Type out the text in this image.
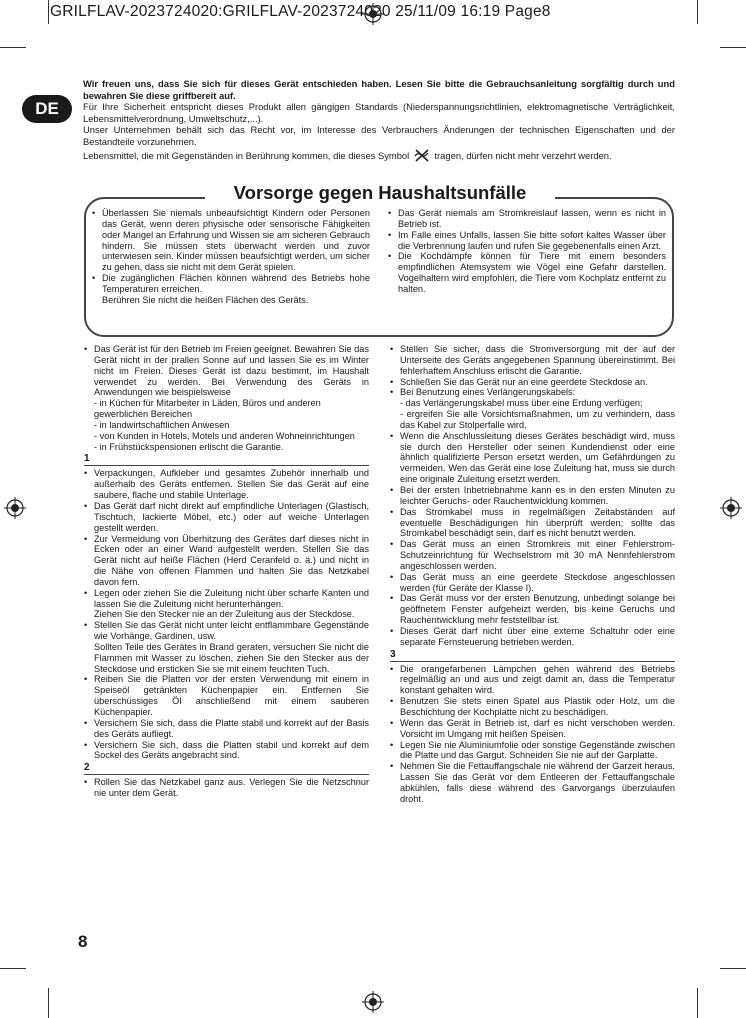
GRILFLAV-2023724020:GRILFLAV-2023724020 25/11/09 16:19 Page8
DE

Wir freuen uns, dass Sie sich für dieses Gerät entschieden haben. Lesen Sie bitte die Gebrauchsanleitung sorgfältig durch und bewahren Sie diese griffbereit auf.

Für Ihre Sicherheit entspricht dieses Produkt allen gängigen Standards (Niederspannungsrichtlinien, elektromagnetische Verträglichkeit, Lebensmittelverordnung, Umweltschutz,...).

Unser Unternehmen behält sich das Recht vor, im Interesse des Verbrauchers Änderungen der technischen Eigenschaften und der Bestandteile vorzunehmen.

Lebensmittel, die mit Gegenständen in Berührung kommen, die dieses Symbol	tragen, dürfen nicht mehr verzehrt werden.

Vorsorge gegen Haushaltsunfälle
• Überlassen Sie niemals unbeaufsichtigt Kindern oder Personen das Gerät, wenn deren physische oder sensorische Fähigkeiten oder Mangel an Erfahrung und Wissen sie am sicheren Gebrauch hindern. Sie müssen stets überwacht werden und zuvor unterwiesen sein. Kinder müssen beaufsichtigt werden, um sicher zu gehen, dass sie nicht mit dem Gerät spielen.
• Die zugänglichen Flächen können während des Betriebs hohe Temperaturen erreichen.
Berühren Sie nicht die heißen Flächen des Geräts.
• Das Gerät niemals am Stromkreislauf lassen, wenn es nicht in Betrieb ist.
• Im Falle eines Unfalls, lassen Sie bitte sofort kaltes Wasser über die Verbrennung laufen und rufen Sie gegebenenfalls einen Arzt.
• Die Kochdämpfe können für Tiere mit einem besonders empfindlichen Atemsystem wie Vögel eine Gefahr darstellen. Vogelhaltern wird empfohlen, die Tiere vom Kochplatz entfernt zu halten.
• Das Gerät ist für den Betrieb im Freien geeignet. Bewahren Sie das Gerät nicht in der prallen Sonne auf und lassen Sie es im Winter nicht im Freien. Dieses Gerät ist dazu bestimmt, im Haushalt verwendet zu werden. Bei Verwendung des Geräts in Anwendungen wie beispielsweise
- in Küchen für Mitarbeiter in Läden, Büros und anderen gewerblichen Bereichen
- in landwirtschaftlichen Anwesen
- von Kunden in Hotels, Motels und anderen Wohneinrichtungen
- in Frühstückspensionen erlischt die Garantie.
1
• Verpackungen, Aufkleber und gesamtes Zubehör innerhalb und außerhalb des Geräts entfernen. Stellen Sie das Gerät auf eine saubere, flache und stabile Unterlage.
• Das Gerät darf nicht direkt auf empfindliche Unterlagen (Glastisch, Tischtuch, lackierte Möbel, etc.) oder auf weiche Unterlagen gestellt werden.
• Zur Vermeidung von Überhitzung des Gerätes darf dieses nicht in Ecken oder an einer Wand aufgestellt werden. Stellen Sie das Gerät nicht auf heiße Flächen (Herd Ceranfeld o. ä.) und nicht in die Nähe von offenen Flammen und halten Sie das Netzkabel davon fern.
• Legen oder ziehen Sie die Zuleitung nicht über scharfe Kanten und lassen Sie die Zuleitung nicht herunterhängen.
Ziehen Sie den Stecker nie an der Zuleitung aus der Steckdose.
• Stellen Sie das Gerät nicht unter leicht entflammbare Gegenstände wie Vorhänge, Gardinen, usw.
Sollten Teile des Gerätes in Brand geraten, versuchen Sie nicht die Flammen mit Wasser zu löschen, ziehen Sie den Stecker aus der Steckdose und ersticken Sie sie mit einem feuchten Tuch.
• Reiben Sie die Platten vor der ersten Verwendung mit einem in Speiseöl getränkten Küchenpapier ein. Entfernen Sie überschüssiges Öl anschließend mit einem sauberen Küchenpapier.
• Versichern Sie sich, dass die Platte stabil und korrekt auf der Basis des Geräts aufliegt.
• Versichern Sie sich, dass die Platten stabil und korrekt auf dem Sockel des Geräts angebracht sind.
2
• Rollen Sie das Netzkabel ganz aus. Verlegen Sie die Netzschnur nie unter dem Gerät.
• Stellen Sie sicher, dass die Stromversorgung mit der auf der Unterseite des Geräts angegebenen Spannung übereinstimmt. Bei fehlerhaftem Anschluss erlischt die Garantie.
• Schließen Sie das Gerät nur an eine geerdete Steckdose an.
• Bei Benutzung eines Verlängerungskabels:
- das Verlängerungskabel muss über eine Erdung verfügen;
- ergreifen Sie alle Vorsichtsmaßnahmen, um zu verhindern, dass das Kabel zur Stolperfalle wird.
• Wenn die Anschlussleitung dieses Gerätes beschädigt wird, muss sie durch den Hersteller oder seinen Kundendienst oder eine ähnlich qualifizierte Person ersetzt werden, um Gefährdungen zu vermeiden. Wen das Gerät eine lose Zuleitung hat, muss sie durch eine originale Zuleitung ersetzt werden.
• Bei der ersten Inbetriebnahme kann es in den ersten Minuten zu leichter Geruchs- oder Rauchentwicklung kommen.
• Das Stromkabel muss in regelmäßigen Zeitabständen auf eventuelle Beschädigungen hin überprüft werden; sollte das Stromkabel beschädigt sein, darf es nicht benutzt werden.
• Das Gerät muss an einen Stromkreis mit einer Fehlerstrom-Schutzeinrichtung für Wechselstrom mit 30 mA Nennfehlerstrom angeschlossen werden.
• Das Gerät muss an eine geerdete Steckdose angeschlossen werden (für Geräte der Klasse I).
• Das Gerät muss vor der ersten Benutzung, unbedingt solange bei geöffnetem Fenster aufgeheizt werden, bis keine Geruchs und Rauchentwicklung mehr feststellbar ist.
• Dieses Gerät darf nicht über eine externe Schaltuhr oder eine separate Fernsteuerung betrieben werden.
3
• Die orangefarbenen Lämpchen gehen während des Betriebs regelmäßig an und aus und zeigt damit an, dass die Temperatur konstant gehalten wird.
• Benutzen Sie stets einen Spatel aus Plastik oder Holz, um die Beschichtung der Kochplatte nicht zu beschädigen.
• Wenn das Gerät in Betrieb ist, darf es nicht verschoben werden. Vorsicht im Umgang mit heißen Speisen.
• Legen Sie nie Aluminiumfolie oder sonstige Gegenstände zwischen die Platte und das Gargut. Schneiden Sie nie auf der Garplatte.
• Nehmen Sie die Fettauffangschale nie während der Garzeit heraus. Lassen Sie das Gerät vor dem Entleeren der Fettauffangschale abkühlen, falls diese während des Garvorgangs überzulaufen droht.
8
